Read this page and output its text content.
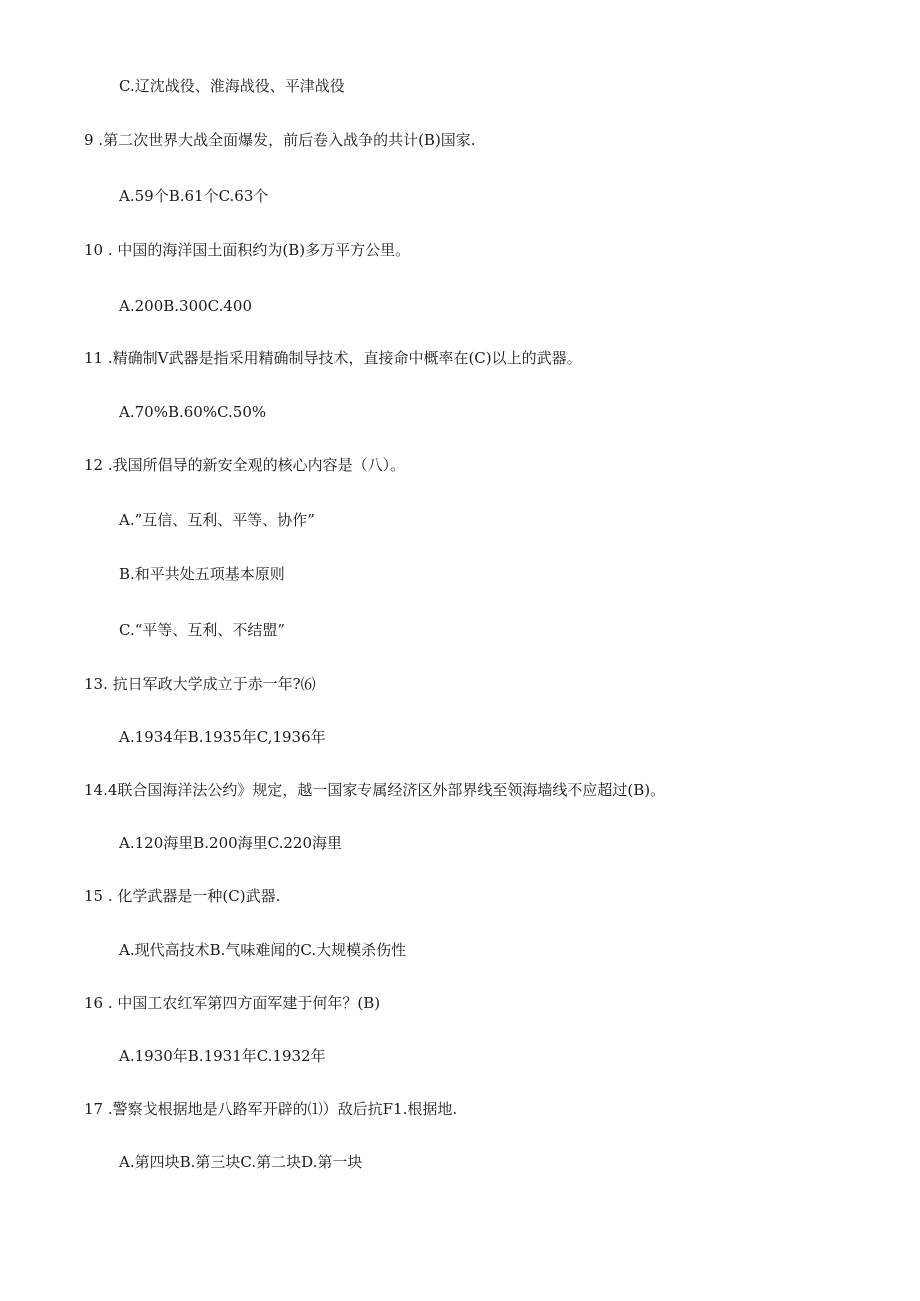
C.辽沈战役、淮海战役、平津战役
9 .第二次世界大战全面爆发，前后卷入战争的共计(B)国家.
A.59个B.61个C.63个
10 . 中国的海洋国土面积约为(B)多万平方公里。
A.200B.300C.400
11 .精确制V武器是指采用精确制导技术，直接命中概率在(C)以上的武器。
A.70%B.60%C.50%
12 .我国所倡导的新安全观的核心内容是（八）。
A.”互信、互利、平等、协作”
B.和平共处五项基本原则
C.“平等、互利、不结盟”
13. 抗日军政大学成立于赤一年?⑹
A.1934年B.1935年C,1936年
14.4联合国海洋法公约》规定，越一国家专属经济区外部界线至领海墙线不应超过(B)。
A.120海里B.200海里C.220海里
15 . 化学武器是一种(C)武器.
A.现代高技术B.气味难闻的C.大规模杀伤性
16 . 中国工农红军第四方面军建于何年？(B)
A.1930年B.1931年C.1932年
17 .警察戈根据地是八路军开辟的⑴）敌后抗F1.根据地.
A.第四块B.第三块C.第二块D.第一块
